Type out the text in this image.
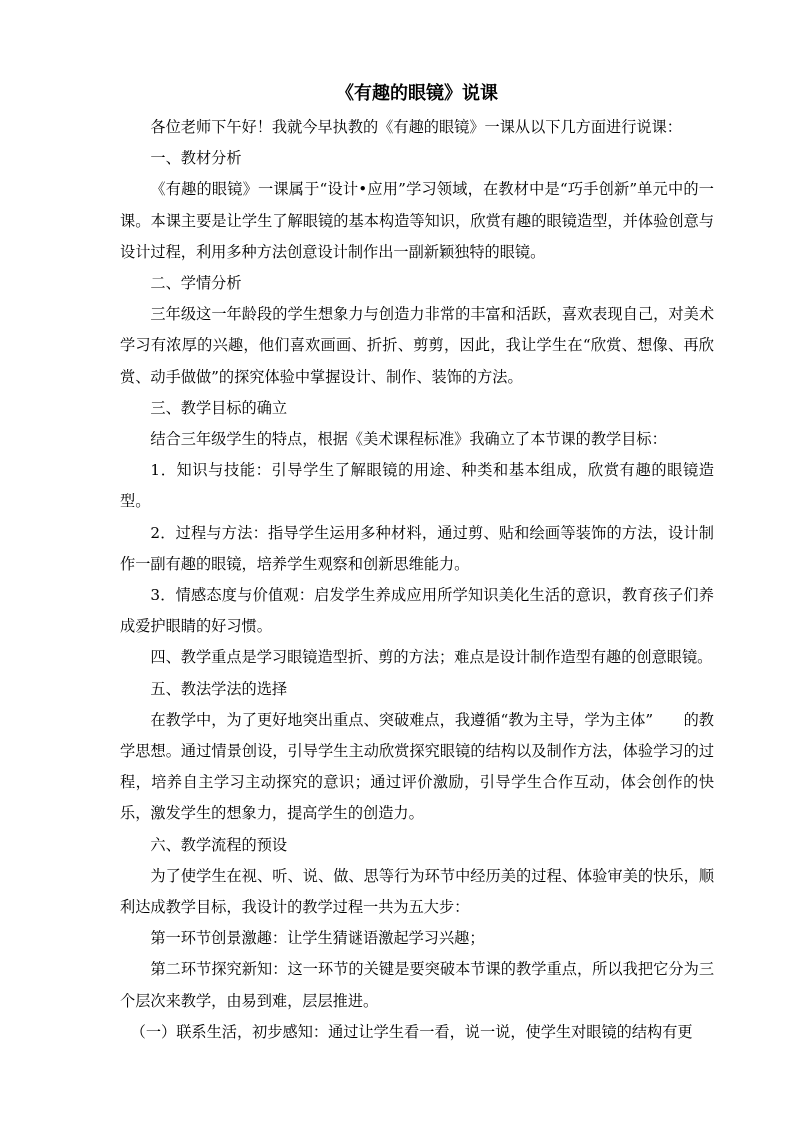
《有趣的眼镜》说课

各位老师下午好！我就今早执教的《有趣的眼镜》一课从以下几方面进行说课：

一、教材分析

《有趣的眼镜》一课属于“设计•应用”学习领域，在教材中是“巧手创新”单元中的一课。本课主要是让学生了解眼镜的基本构造等知识，欣赏有趣的眼镜造型，并体验创意与设计过程，利用多种方法创意设计制作出一副新颖独特的眼镜。

二、学情分析

三年级这一年龄段的学生想象力与创造力非常的丰富和活跃，喜欢表现自己，对美术学习有浓厚的兴趣，他们喜欢画画、折折、剪剪，因此，我让学生在“欣赏、想像、再欣赏、动手做做”的探究体验中掌握设计、制作、装饰的方法。

三、教学目标的确立

结合三年级学生的特点，根据《美术课程标准》我确立了本节课的教学目标：

1．知识与技能：引导学生了解眼镜的用途、种类和基本组成，欣赏有趣的眼镜造型。

2．过程与方法：指导学生运用多种材料，通过剪、贴和绘画等装饰的方法，设计制作一副有趣的眼镜，培养学生观察和创新思维能力。

3．情感态度与价值观：启发学生养成应用所学知识美化生活的意识，教育孩子们养成爱护眼睛的好习惯。

四、教学重点是学习眼镜造型折、剪的方法；难点是设计制作造型有趣的创意眼镜。

五、教法学法的选择

在教学中，为了更好地突出重点、突破难点，我遵循“教为主导，学为主体”　　的教学思想。通过情景创设，引导学生主动欣赏探究眼镜的结构以及制作方法，体验学习的过程，培养自主学习主动探究的意识；通过评价激励，引导学生合作互动，体会创作的快乐，激发学生的想象力，提高学生的创造力。

六、教学流程的预设

为了使学生在视、听、说、做、思等行为环节中经历美的过程、体验审美的快乐，顺利达成教学目标，我设计的教学过程一共为五大步：

第一环节创景激趣：让学生猜谜语激起学习兴趣；

第二环节探究新知：这一环节的关键是要突破本节课的教学重点，所以我把它分为三个层次来教学，由易到难，层层推进。

（一）联系生活，初步感知：通过让学生看一看，说一说，使学生对眼镜的结构有更
